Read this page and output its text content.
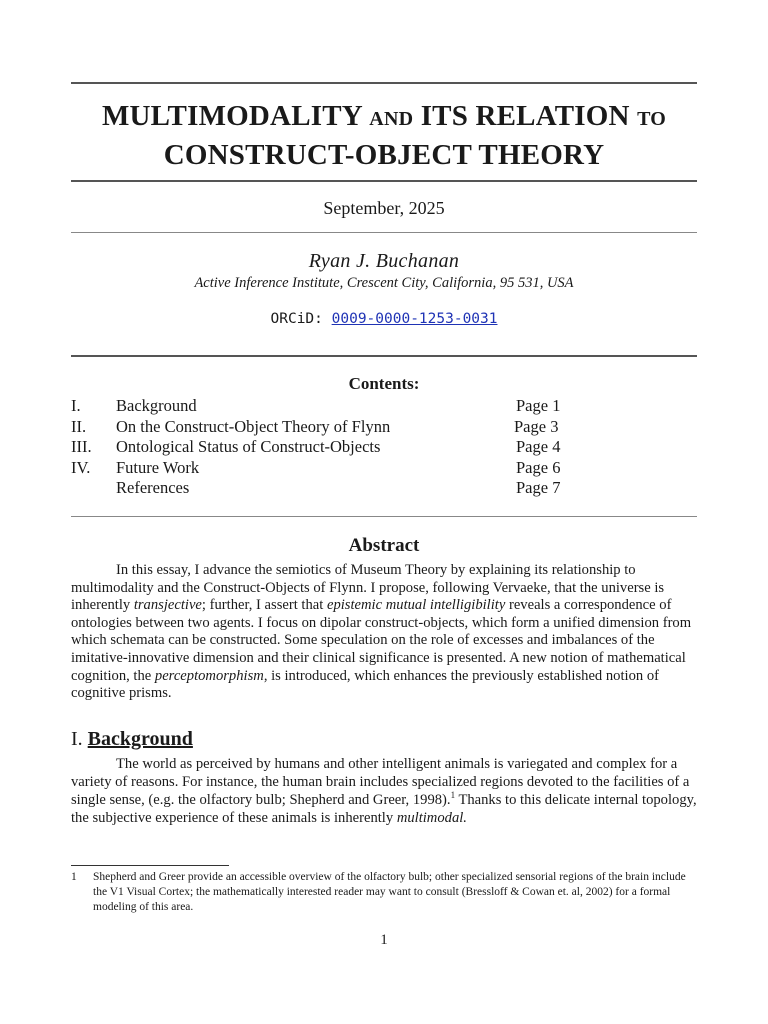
MULTIMODALITY AND ITS RELATION TO
CONSTRUCT-OBJECT THEORY
September, 2025
Ryan J. Buchanan
Active Inference Institute, Crescent City, California, 95 531, USA
ORCiD: 0009-0000-1253-0031
Contents:
I. Background	Page 1
II. On the Construct-Object Theory of Flynn	Page 3
III. Ontological Status of Construct-Objects	Page 4
IV. Future Work	Page 6
References	Page 7
Abstract
In this essay, I advance the semiotics of Museum Theory by explaining its relationship to multimodality and the Construct-Objects of Flynn. I propose, following Vervaeke, that the universe is inherently transjective; further, I assert that epistemic mutual intelligibility reveals a correspondence of ontologies between two agents. I focus on dipolar construct-objects, which form a unified dimension from which schemata can be constructed. Some speculation on the role of excesses and imbalances of the imitative-innovative dimension and their clinical significance is presented. A new notion of mathematical cognition, the perceptomorphism, is introduced, which enhances the previously established notion of cognitive prisms.
I. Background
The world as perceived by humans and other intelligent animals is variegated and complex for a variety of reasons. For instance, the human brain includes specialized regions devoted to the facilities of a single sense, (e.g. the olfactory bulb; Shepherd and Greer, 1998).$^1$ Thanks to this delicate internal topology, the subjective experience of these animals is inherently multimodal.
1 Shepherd and Greer provide an accessible overview of the olfactory bulb; other specialized sensorial regions of the brain include the V1 Visual Cortex; the mathematically interested reader may want to consult (Bressloff & Cowan et. al, 2002) for a formal modeling of this area.
1
